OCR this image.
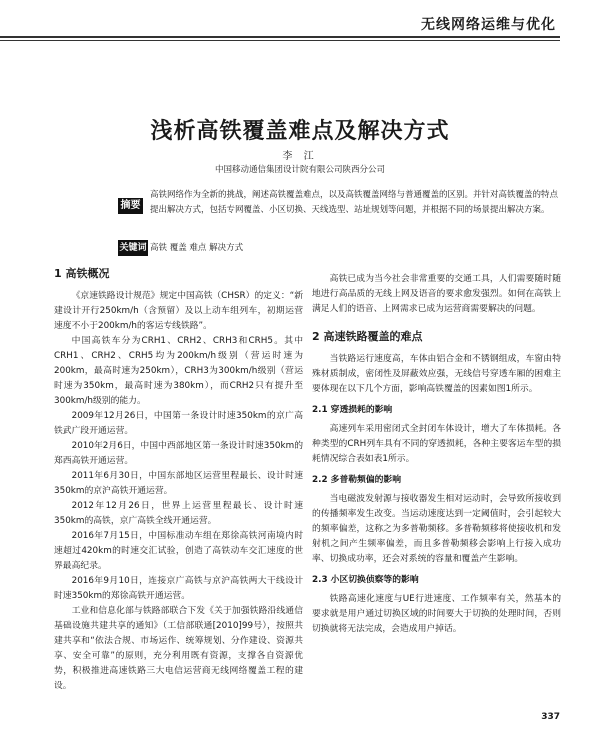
无线网络运维与优化
浅析高铁覆盖难点及解决方式
李 江
中国移动通信集团设计院有限公司陕西分公司
摘要
高铁网络作为全新的挑战，阐述高铁覆盖难点，以及高铁覆盖网络与普通覆盖的区别。并针对高铁覆盖的特点提出解决方式，包括专网覆盖、小区切换、天线选型、站址规划等问题，并根据不同的场景提出解决方案。
关键词 高铁 覆盖 难点 解决方式
1 高铁概况

《京速铁路设计规范》规定中国高铁（CHSR）的定义：“新建设计开行250km/h（含预留）及以上动车组列车，初期运营速度不小于200km/h的客运专线铁路”。

中国高铁车分为CRH1、CRH2、CRH3和CRH5。其中CRH1、CRH2、CRH5均为200km/h级别（营运时速为200km，最高时速为250km），CRH3为300km/h级别（营运时速为350km，最高时速为380km），而CRH2只有提升至300km/h级别的能力。

2009年12月26日，中国第一条设计时速350km的京广高铁武广段开通运营。

2010年2月6日，中国中西部地区第一条设计时速350km的郑西高铁开通运营。

2011年6月30日，中国东部地区运营里程最长、设计时速350km的京沪高铁开通运营。

2012年12月26日，世界上运营里程最长、设计时速350km的高铁，京广高铁全线开通运营。

2016年7月15日，中国标准动车组在郑徐高铁河南境内时速超过420km的时速交汇试验，创造了高铁动车交汇速度的世界最高纪录。

2016年9月10日，连接京广高铁与京沪高铁两大干线设计时速350km的郑徐高铁开通运营。

工业和信息化部与铁路部联合下发《关于加强铁路沿线通信基础设施共建共享的通知》（工信部联通[2010]99号），按照共建共享和“依法合规、市场运作、统筹规划、分作建设、资源共享、安全可靠”的原则，充分利用既有资源，支撑各自资源优势，积极推进高速铁路三大电信运营商无线网络覆盖工程的建设。

高铁已成为当今社会非常重要的交通工具，人们需要随时随地进行高品质的无线上网及语音的要求愈发强烈。如何在高铁上满足人们的语音、上网需求已成为运营商需要解决的问题。

2 高速铁路覆盖的难点

当铁路运行速度高，车体由铝合金和不锈钢组成，车窗由特殊材质制成，密闭性及屏蔽效应强，无线信号穿透车厢的困难主要体现在以下几个方面，影响高铁覆盖的因素如图1所示。

2.1 穿透损耗的影响

高速列车采用密闭式全封闭车体设计，增大了车体损耗。各种类型的CRH列车具有不同的穿透损耗，各种主要客运车型的损耗情况综合表如表1所示。

2.2 多普勒频偏的影响

当电磁波发射源与接收器发生相对运动时，会导致所接收到的传播频率发生改变。当运动速度达到一定阈值时，会引起较大的频率偏差，这称之为多普勒频移。多普勒频移将使接收机和发射机之间产生频率偏差，而且多普勒频移会影响上行接入成功率、切换成功率，还会对系统的容量和覆盖产生影响。

2.3 小区切换侦察等的影响

铁路高速化速度与UE行进速度、工作频率有关，然基本的要求就是用户通过切换区域的时间要大于切换的处理时间，否则切换就将无法完成，会造成用户掉话。

337
